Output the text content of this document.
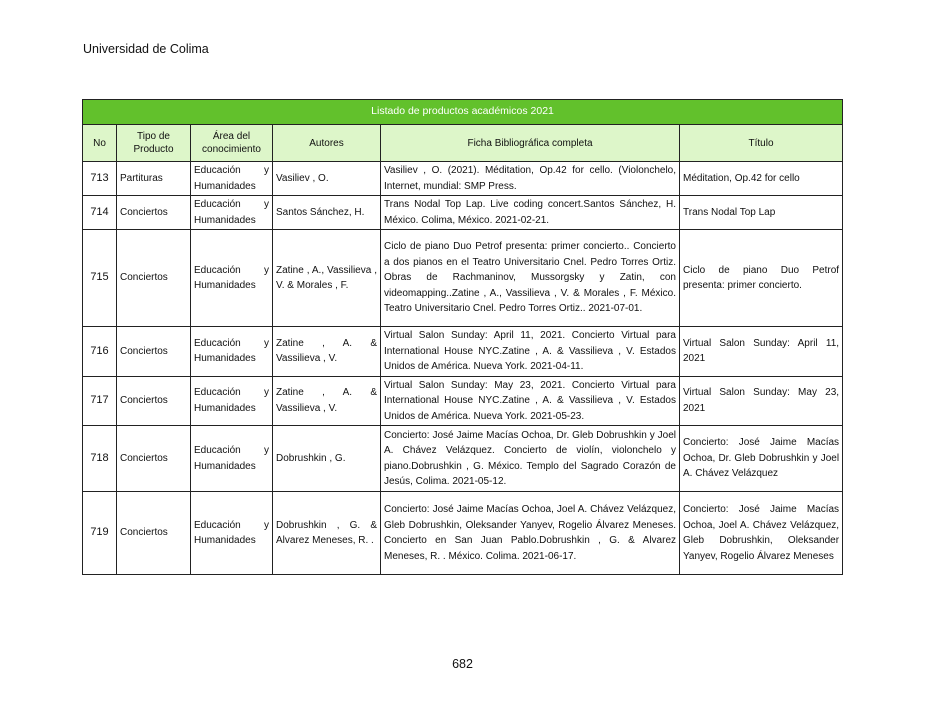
Universidad de Colima
Listado de productos académicos 2021					
No	Tipo de Producto	Área del conocimiento	Autores	Ficha Bibliográfica completa	Título
713	Partituras	Educación y Humanidades	Vasiliev , O.	Vasiliev , O. (2021). Méditation, Op.42 for cello. (Violonchelo, Internet, mundial: SMP Press.	Méditation, Op.42 for cello
714	Conciertos	Educación y Humanidades	Santos Sánchez, H.	Trans Nodal Top Lap. Live coding concert.Santos Sánchez, H. México. Colima, México. 2021-02-21.	Trans Nodal Top Lap
715	Conciertos	Educación y Humanidades	Zatine , A., Vassilieva , V. & Morales , F.	Ciclo de piano Duo Petrof presenta: primer concierto.. Concierto a dos pianos en el Teatro Universitario Cnel. Pedro Torres Ortiz. Obras de Rachmaninov, Mussorgsky y Zatin, con videomapping..Zatine , A., Vassilieva , V. & Morales , F. México. Teatro Universitario Cnel. Pedro Torres Ortiz.. 2021-07-01.	Ciclo de piano Duo Petrof presenta: primer concierto.
716	Conciertos	Educación y Humanidades	Zatine , A. & Vassilieva , V.	Virtual Salon Sunday: April 11, 2021. Concierto Virtual para International House NYC.Zatine , A. & Vassilieva , V. Estados Unidos de América. Nueva York. 2021-04-11.	Virtual Salon Sunday: April 11, 2021
717	Conciertos	Educación y Humanidades	Zatine , A. & Vassilieva , V.	Virtual Salon Sunday: May 23, 2021. Concierto Virtual para International House NYC.Zatine , A. & Vassilieva , V. Estados Unidos de América. Nueva York. 2021-05-23.	Virtual Salon Sunday: May 23, 2021
718	Conciertos	Educación y Humanidades	Dobrushkin , G.	Concierto: José Jaime Macías Ochoa, Dr. Gleb Dobrushkin y Joel A. Chávez Velázquez. Concierto de violín, violonchelo y piano.Dobrushkin , G. México. Templo del Sagrado Corazón de Jesús, Colima. 2021-05-12.	Concierto: José Jaime Macías Ochoa, Dr. Gleb Dobrushkin y Joel A. Chávez Velázquez
719	Conciertos	Educación y Humanidades	Dobrushkin , G. & Alvarez Meneses, R. .	Concierto: José Jaime Macías Ochoa, Joel A. Chávez Velázquez, Gleb Dobrushkin, Oleksander Yanyev, Rogelio Álvarez Meneses. Concierto en San Juan Pablo.Dobrushkin , G. & Alvarez Meneses, R. . México. Colima. 2021-06-17.	Concierto: José Jaime Macías Ochoa, Joel A. Chávez Velázquez, Gleb Dobrushkin, Oleksander Yanyev, Rogelio Álvarez Meneses
682
